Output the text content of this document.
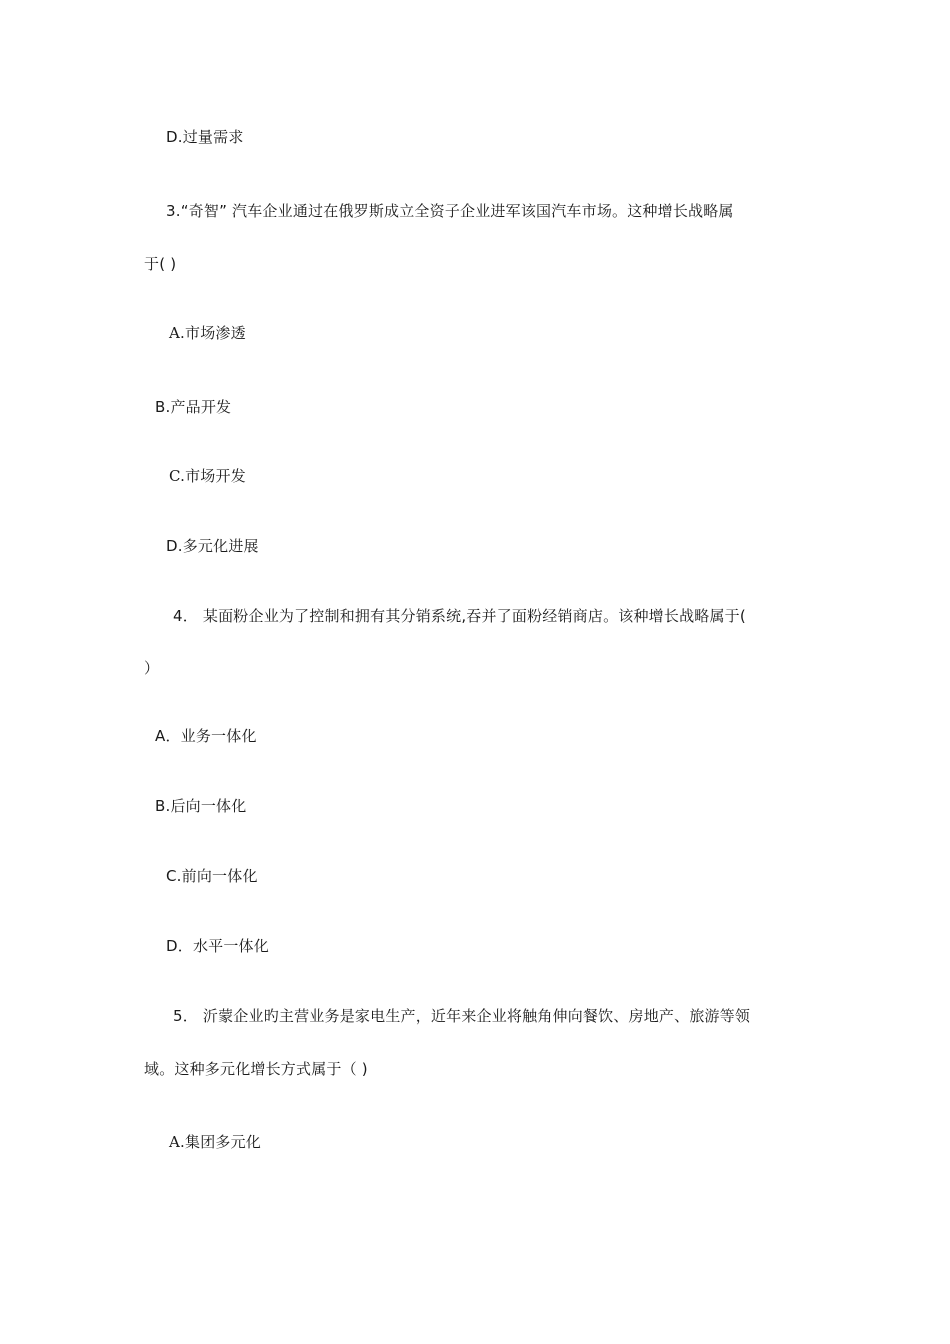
D.过量需求
3.“奇智” 汽车企业通过在俄罗斯成立全资子企业进军该国汽车市场。这种增长战略属
于( )
A.市场渗透
B.产品开发
C.市场开发
D.多元化进展
4． 某面粉企业为了控制和拥有其分销系统,吞并了面粉经销商店。该种增长战略属于(
）
A．业务一体化
B.后向一体化
C.前向一体化
D．水平一体化
5． 沂蒙企业旳主营业务是家电生产，近年来企业将触角伸向餐饮、房地产、旅游等领
域。这种多元化增长方式属于（ )
A.集团多元化
